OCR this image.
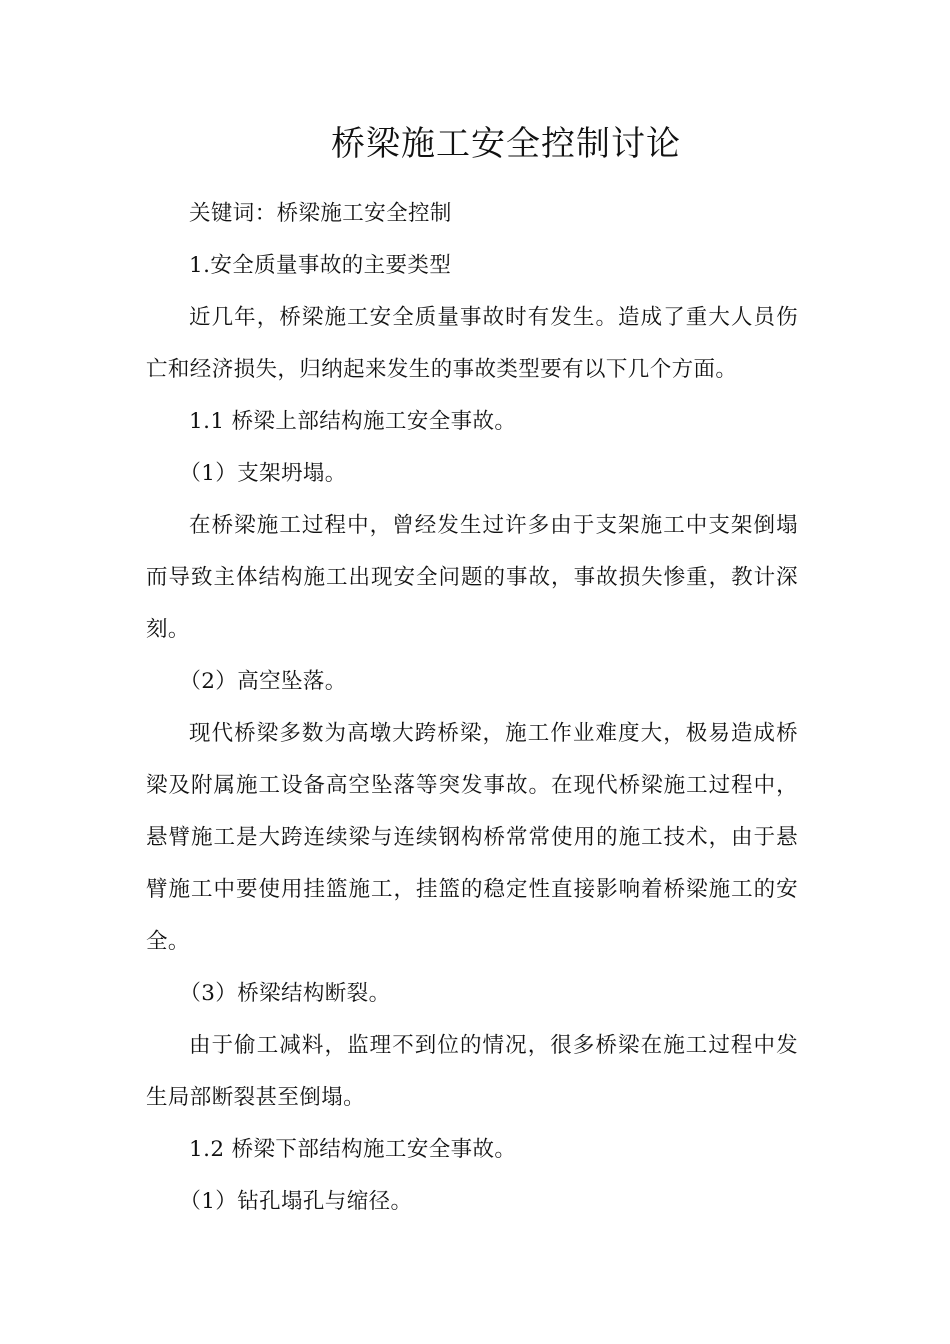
桥梁施工安全控制讨论

关键词：桥梁施工安全控制

1.安全质量事故的主要类型

近几年，桥梁施工安全质量事故时有发生。造成了重大人员伤亡和经济损失，归纳起来发生的事故类型要有以下几个方面。

1.1 桥梁上部结构施工安全事故。

（1）支架坍塌。

在桥梁施工过程中，曾经发生过许多由于支架施工中支架倒塌而导致主体结构施工出现安全问题的事故，事故损失惨重，教计深刻。

（2）高空坠落。

现代桥梁多数为高墩大跨桥梁，施工作业难度大，极易造成桥梁及附属施工设备高空坠落等突发事故。在现代桥梁施工过程中，悬臂施工是大跨连续梁与连续钢构桥常常使用的施工技术，由于悬臂施工中要使用挂篮施工，挂篮的稳定性直接影响着桥梁施工的安全。

（3）桥梁结构断裂。

由于偷工减料，监理不到位的情况，很多桥梁在施工过程中发生局部断裂甚至倒塌。

1.2 桥梁下部结构施工安全事故。

（1）钻孔塌孔与缩径。
